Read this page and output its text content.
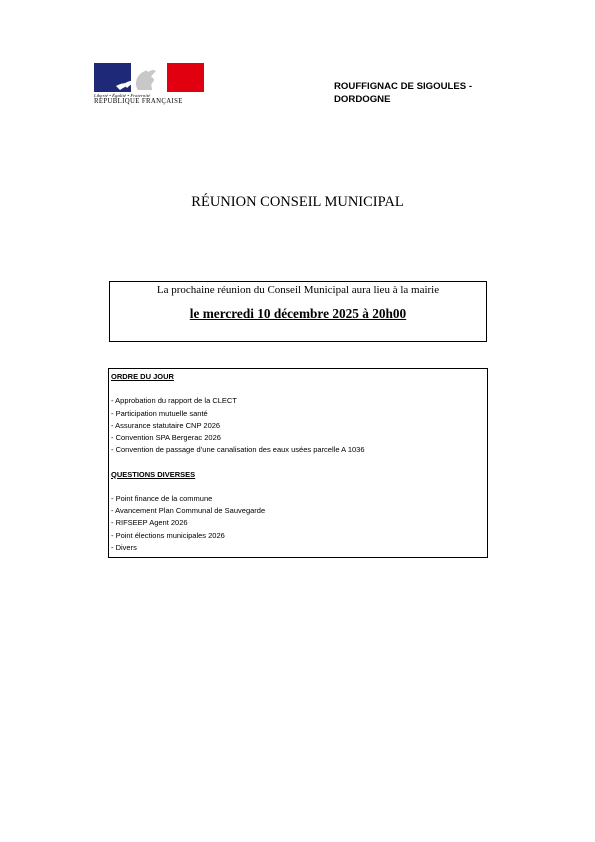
Liberté • Égalité • Fraternité
RÉPUBLIQUE FRANÇAISE
ROUFFIGNAC DE SIGOULES -
DORDOGNE
RÉUNION CONSEIL MUNICIPAL
La prochaine réunion du Conseil Municipal aura lieu à la mairie
le mercredi 10 décembre 2025 à 20h00
ORDRE DU JOUR
- Approbation du rapport de la CLECT
- Participation mutuelle santé
- Assurance statutaire CNP 2026
- Convention SPA Bergerac 2026
- Convention de passage d’une canalisation des eaux usées parcelle A 1036
QUESTIONS DIVERSES
- Point finance de la commune
- Avancement Plan Communal de Sauvegarde
- RIFSEEP Agent 2026
- Point élections municipales 2026
- Divers
